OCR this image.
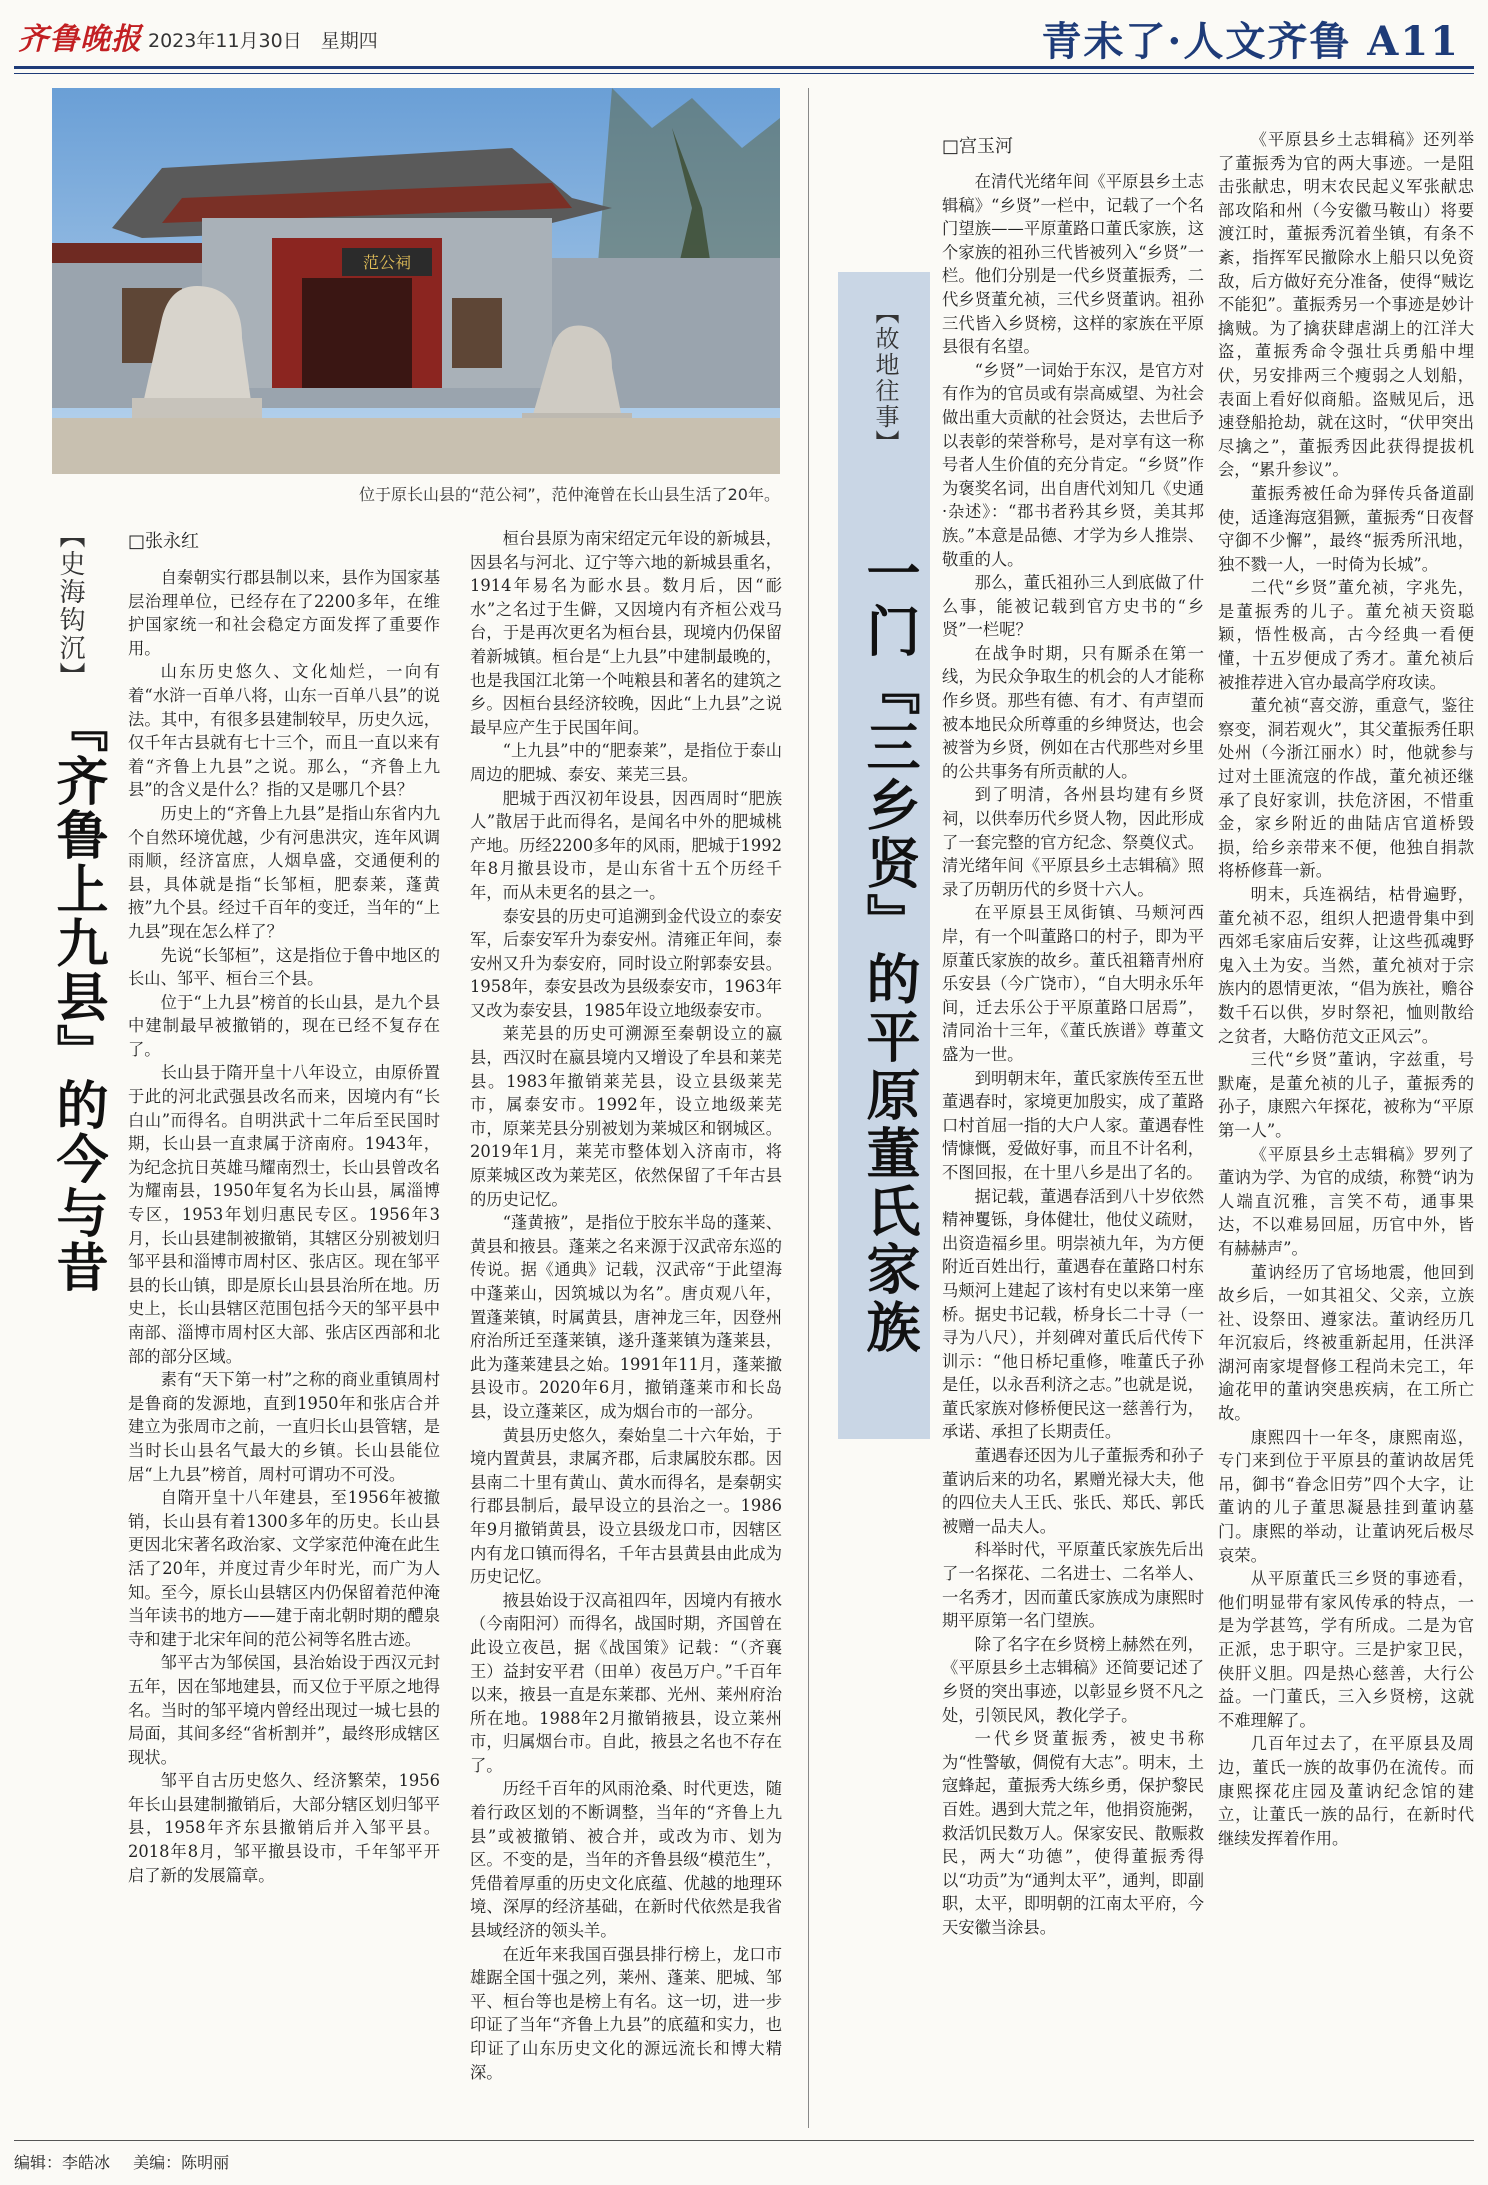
齐鲁晚报 2023年11月30日　星期四	青未了·人文齐鲁 A11
范公祠
位于原长山县的“范公祠”，范仲淹曾在长山县生活了20年。
【史海钩沉】
『齐鲁上九县』的今与昔
□张永红

自秦朝实行郡县制以来，县作为国家基层治理单位，已经存在了2200多年，在维护国家统一和社会稳定方面发挥了重要作用。

山东历史悠久、文化灿烂，一向有着“水浒一百单八将，山东一百单八县”的说法。其中，有很多县建制较早，历史久远，仅千年古县就有七十三个，而且一直以来有着“齐鲁上九县”之说。那么，“齐鲁上九县”的含义是什么？指的又是哪几个县？

历史上的“齐鲁上九县”是指山东省内九个自然环境优越，少有河患洪灾，连年风调雨顺，经济富庶，人烟阜盛，交通便利的县，具体就是指“长邹桓，肥泰莱，蓬黄掖”九个县。经过千百年的变迁，当年的“上九县”现在怎么样了？

先说“长邹桓”，这是指位于鲁中地区的长山、邹平、桓台三个县。

位于“上九县”榜首的长山县，是九个县中建制最早被撤销的，现在已经不复存在了。

长山县于隋开皇十八年设立，由原侨置于此的河北武强县改名而来，因境内有“长白山”而得名。自明洪武十二年后至民国时期，长山县一直隶属于济南府。1943年，为纪念抗日英雄马耀南烈士，长山县曾改名为耀南县，1950年复名为长山县，属淄博专区，1953年划归惠民专区。1956年3月，长山县建制被撤销，其辖区分别被划归邹平县和淄博市周村区、张店区。现在邹平县的长山镇，即是原长山县县治所在地。历史上，长山县辖区范围包括今天的邹平县中南部、淄博市周村区大部、张店区西部和北部的部分区域。

素有“天下第一村”之称的商业重镇周村是鲁商的发源地，直到1950年和张店合并建立为张周市之前，一直归长山县管辖，是当时长山县名气最大的乡镇。长山县能位居“上九县”榜首，周村可谓功不可没。

自隋开皇十八年建县，至1956年被撤销，长山县有着1300多年的历史。长山县更因北宋著名政治家、文学家范仲淹在此生活了20年，并度过青少年时光，而广为人知。至今，原长山县辖区内仍保留着范仲淹当年读书的地方——建于南北朝时期的醴泉寺和建于北宋年间的范公祠等名胜古迹。

邹平古为邹侯国，县治始设于西汉元封五年，因在邹地建县，而又位于平原之地得名。当时的邹平境内曾经出现过一城七县的局面，其间多经“省析割并”，最终形成辖区现状。

邹平自古历史悠久、经济繁荣，1956年长山县建制撤销后，大部分辖区划归邹平县，1958年齐东县撤销后并入邹平县。2018年8月，邹平撤县设市，千年邹平开启了新的发展篇章。

桓台县原为南宋绍定元年设的新城县，因县名与河北、辽宁等六地的新城县重名，1914年易名为耏水县。数月后，因“耏水”之名过于生僻，又因境内有齐桓公戏马台，于是再次更名为桓台县，现境内仍保留着新城镇。桓台是“上九县”中建制最晚的，也是我国江北第一个吨粮县和著名的建筑之乡。因桓台县经济较晚，因此“上九县”之说最早应产生于民国年间。

“上九县”中的“肥泰莱”，是指位于泰山周边的肥城、泰安、莱芜三县。

肥城于西汉初年设县，因西周时“肥族人”散居于此而得名，是闻名中外的肥城桃产地。历经2200多年的风雨，肥城于1992年8月撤县设市，是山东省十五个历经千年，而从未更名的县之一。

泰安县的历史可追溯到金代设立的泰安军，后泰安军升为泰安州。清雍正年间，泰安州又升为泰安府，同时设立附郭泰安县。1958年，泰安县改为县级泰安市，1963年又改为泰安县，1985年设立地级泰安市。

莱芜县的历史可溯源至秦朝设立的嬴县，西汉时在嬴县境内又增设了牟县和莱芜县。1983年撤销莱芜县，设立县级莱芜市，属泰安市。1992年，设立地级莱芜市，原莱芜县分别被划为莱城区和钢城区。2019年1月，莱芜市整体划入济南市，将原莱城区改为莱芜区，依然保留了千年古县的历史记忆。

“蓬黄掖”，是指位于胶东半岛的蓬莱、黄县和掖县。蓬莱之名来源于汉武帝东巡的传说。据《通典》记载，汉武帝“于此望海中蓬莱山，因筑城以为名”。唐贞观八年，置蓬莱镇，时属黄县，唐神龙三年，因登州府治所迁至蓬莱镇，遂升蓬莱镇为蓬莱县，此为蓬莱建县之始。1991年11月，蓬莱撤县设市。2020年6月，撤销蓬莱市和长岛县，设立蓬莱区，成为烟台市的一部分。

黄县历史悠久，秦始皇二十六年始，于境内置黄县，隶属齐郡，后隶属胶东郡。因县南二十里有黄山、黄水而得名，是秦朝实行郡县制后，最早设立的县治之一。1986年9月撤销黄县，设立县级龙口市，因辖区内有龙口镇而得名，千年古县黄县由此成为历史记忆。

掖县始设于汉高祖四年，因境内有掖水（今南阳河）而得名，战国时期，齐国曾在此设立夜邑，据《战国策》记载：“（齐襄王）益封安平君（田单）夜邑万户。”千百年以来，掖县一直是东莱郡、光州、莱州府治所在地。1988年2月撤销掖县，设立莱州市，归属烟台市。自此，掖县之名也不存在了。

历经千百年的风雨沧桑、时代更迭，随着行政区划的不断调整，当年的“齐鲁上九县”或被撤销、被合并，或改为市、划为区。不变的是，当年的齐鲁县级“模范生”，凭借着厚重的历史文化底蕴、优越的地理环境、深厚的经济基础，在新时代依然是我省县域经济的领头羊。

在近年来我国百强县排行榜上，龙口市雄踞全国十强之列，莱州、蓬莱、肥城、邹平、桓台等也是榜上有名。这一切，进一步印证了当年“齐鲁上九县”的底蕴和实力，也印证了山东历史文化的源远流长和博大精深。

【故地往事】
一门『三乡贤』的平原董氏家族
□宫玉河

在清代光绪年间《平原县乡土志辑稿》“乡贤”一栏中，记载了一个名门望族——平原董路口董氏家族，这个家族的祖孙三代皆被列入“乡贤”一栏。他们分别是一代乡贤董振秀，二代乡贤董允祯，三代乡贤董讷。祖孙三代皆入乡贤榜，这样的家族在平原县很有名望。

“乡贤”一词始于东汉，是官方对有作为的官员或有崇高威望、为社会做出重大贡献的社会贤达，去世后予以表彰的荣誉称号，是对享有这一称号者人生价值的充分肯定。“乡贤”作为褒奖名词，出自唐代刘知几《史通·杂述》：“郡书者矜其乡贤，美其邦族。”本意是品德、才学为乡人推崇、敬重的人。

那么，董氏祖孙三人到底做了什么事，能被记载到官方史书的“乡贤”一栏呢？

在战争时期，只有厮杀在第一线，为民众争取生的机会的人才能称作乡贤。那些有德、有才、有声望而被本地民众所尊重的乡绅贤达，也会被誉为乡贤，例如在古代那些对乡里的公共事务有所贡献的人。

到了明清，各州县均建有乡贤祠，以供奉历代乡贤人物，因此形成了一套完整的官方纪念、祭奠仪式。清光绪年间《平原县乡土志辑稿》照录了历朝历代的乡贤十六人。

在平原县王凤街镇、马颊河西岸，有一个叫董路口的村子，即为平原董氏家族的故乡。董氏祖籍青州府乐安县（今广饶市），“自大明永乐年间，迁去乐公于平原董路口居焉”，清同治十三年，《董氏族谱》尊董文盛为一世。

到明朝末年，董氏家族传至五世董遇春时，家境更加殷实，成了董路口村首屈一指的大户人家。董遇春性情慷慨，爱做好事，而且不计名利，不图回报，在十里八乡是出了名的。

据记载，董遇春活到八十岁依然精神矍铄，身体健壮，他仗义疏财，出资造福乡里。明崇祯九年，为方便附近百姓出行，董遇春在董路口村东马颊河上建起了该村有史以来第一座桥。据史书记载，桥身长二十寻（一寻为八尺），并刻碑对董氏后代传下训示：“他日桥圮重修，唯董氏子孙是任，以永吾利济之志。”也就是说，董氏家族对修桥便民这一慈善行为，承诺、承担了长期责任。

董遇春还因为儿子董振秀和孙子董讷后来的功名，累赠光禄大夫，他的四位夫人王氏、张氏、郑氏、郭氏被赠一品夫人。

科举时代，平原董氏家族先后出了一名探花、二名进士、二名举人、一名秀才，因而董氏家族成为康熙时期平原第一名门望族。

除了名字在乡贤榜上赫然在列，《平原县乡土志辑稿》还简要记述了乡贤的突出事迹，以彰显乡贤不凡之处，引领民风，教化学子。

一代乡贤董振秀，被史书称为“性警敏，倜傥有大志”。明末，土寇蜂起，董振秀大练乡勇，保护黎民百姓。遇到大荒之年，他捐资施粥，救活饥民数万人。保家安民、散赈救民，两大“功德”，使得董振秀得以“功贡”为“通判太平”，通判，即副职，太平，即明朝的江南太平府，今天安徽当涂县。

《平原县乡土志辑稿》还列举了董振秀为官的两大事迹。一是阻击张献忠，明末农民起义军张献忠部攻陷和州（今安徽马鞍山）将要渡江时，董振秀沉着坐镇，有条不紊，指挥军民撤除水上船只以免资敌，后方做好充分准备，使得“贼讫不能犯”。董振秀另一个事迹是妙计擒贼。为了擒获肆虐湖上的江洋大盗，董振秀命令强壮兵勇船中埋伏，另安排两三个瘦弱之人划船，表面上看好似商船。盗贼见后，迅速登船抢劫，就在这时，“伏甲突出尽擒之”，董振秀因此获得提拔机会，“累升参议”。

董振秀被任命为驿传兵备道副使，适逢海寇猖獗，董振秀“日夜督守御不少懈”，最终“振秀所汛地，独不戮一人，一时倚为长城”。

二代“乡贤”董允祯，字兆先，是董振秀的儿子。董允祯天资聪颖，悟性极高，古今经典一看便懂，十五岁便成了秀才。董允祯后被推荐进入官办最高学府攻读。

董允祯“喜交游，重意气，鉴往察变，洞若观火”，其父董振秀任职处州（今浙江丽水）时，他就参与过对土匪流寇的作战，董允祯还继承了良好家训，扶危济困，不惜重金，家乡附近的曲陆店官道桥毁损，给乡亲带来不便，他独自捐款将桥修葺一新。

明末，兵连祸结，枯骨遍野，董允祯不忍，组织人把遗骨集中到西郊毛家庙后安葬，让这些孤魂野鬼入土为安。当然，董允祯对于宗族内的恩情更浓，“倡为族社，赡谷数千石以供，岁时祭祀，恤则散给之贫者，大略仿范文正风云”。

三代“乡贤”董讷，字兹重，号默庵，是董允祯的儿子，董振秀的孙子，康熙六年探花，被称为“平原第一人”。

《平原县乡土志辑稿》罗列了董讷为学、为官的成绩，称赞“讷为人端直沉雅，言笑不苟，通事果达，不以难易回屈，历官中外，皆有赫赫声”。

董讷经历了官场地震，他回到故乡后，一如其祖父、父亲，立族社、设祭田、遵家法。董讷经历几年沉寂后，终被重新起用，任洪泽湖河南家堤督修工程尚未完工，年逾花甲的董讷突患疾病，在工所亡故。

康熙四十一年冬，康熙南巡，专门来到位于平原县的董讷故居凭吊，御书“眷念旧劳”四个大字，让董讷的儿子董思凝悬挂到董讷墓门。康熙的举动，让董讷死后极尽哀荣。

从平原董氏三乡贤的事迹看，他们明显带有家风传承的特点，一是为学甚笃，学有所成。二是为官正派，忠于职守。三是护家卫民，侠肝义胆。四是热心慈善，大行公益。一门董氏，三入乡贤榜，这就不难理解了。

几百年过去了，在平原县及周边，董氏一族的故事仍在流传。而康熙探花庄园及董讷纪念馆的建立，让董氏一族的品行，在新时代继续发挥着作用。

编辑：李皓冰 美编：陈明丽
